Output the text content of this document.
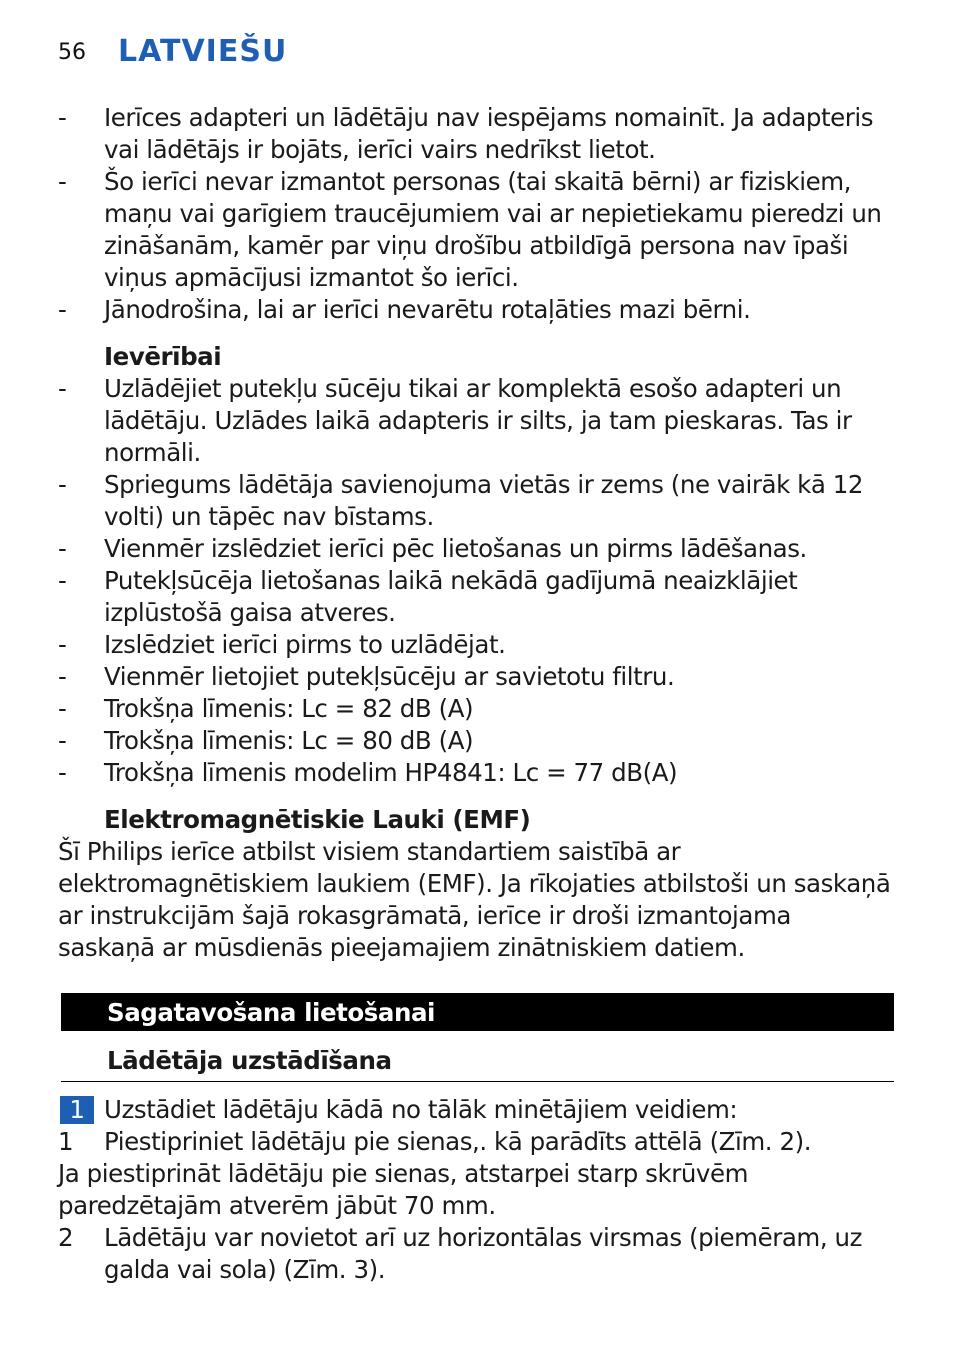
56 LATVIEŠU
- Ierīces adapteri un lādētāju nav iespējams nomainīt. Ja adapteris vai lādētājs ir bojāts, ierīci vairs nedrīkst lietot.
- Šo ierīci nevar izmantot personas (tai skaitā bērni) ar fiziskiem, maņu vai garīgiem traucējumiem vai ar nepietiekamu pieredzi un zināšanām, kamēr par viņu drošību atbildīgā persona nav īpaši viņus apmācījusi izmantot šo ierīci.
- Jānodrošina, lai ar ierīci nevarētu rotaļāties mazi bērni.
Ievērībai
- Uzlādējiet putekļu sūcēju tikai ar komplektā esošo adapteri un lādētāju. Uzlādes laikā adapteris ir silts, ja tam pieskaras. Tas ir normāli.
- Spriegums lādētāja savienojuma vietās ir zems (ne vairāk kā 12 volti) un tāpēc nav bīstams.
- Vienmēr izslēdziet ierīci pēc lietošanas un pirms lādēšanas.
- Putekļsūcēja lietošanas laikā nekādā gadījumā neaizklājiet izplūstošā gaisa atveres.
- Izslēdziet ierīci pirms to uzlādējat.
- Vienmēr lietojiet putekļsūcēju ar savietotu filtru.
- Trokšņa līmenis: Lc = 82 dB (A)
- Trokšņa līmenis: Lc = 80 dB (A)
- Trokšņa līmenis modelim HP4841: Lc = 77 dB(A)
Elektromagnētiskie Lauki (EMF)

Šī Philips ierīce atbilst visiem standartiem saistībā ar elektromagnētiskiem laukiem (EMF). Ja rīkojaties atbilstoši un saskaņā ar instrukcijām šajā rokasgrāmatā, ierīce ir droši izmantojama saskaņā ar mūsdienās pieejamajiem zinātniskiem datiem.

Sagatavošana lietošanai
Lādētāja uzstādīšana
1 Uzstādiet lādētāju kādā no tālāk minētājiem veidiem:
1 Piestipriniet lādētāju pie sienas,. kā parādīts attēlā (Zīm. 2).

Ja piestiprināt lādētāju pie sienas, atstarpei starp skrūvēm paredzētajām atverēm jābūt 70 mm.

2 Lādētāju var novietot arī uz horizontālas virsmas (piemēram, uz galda vai sola) (Zīm. 3).
